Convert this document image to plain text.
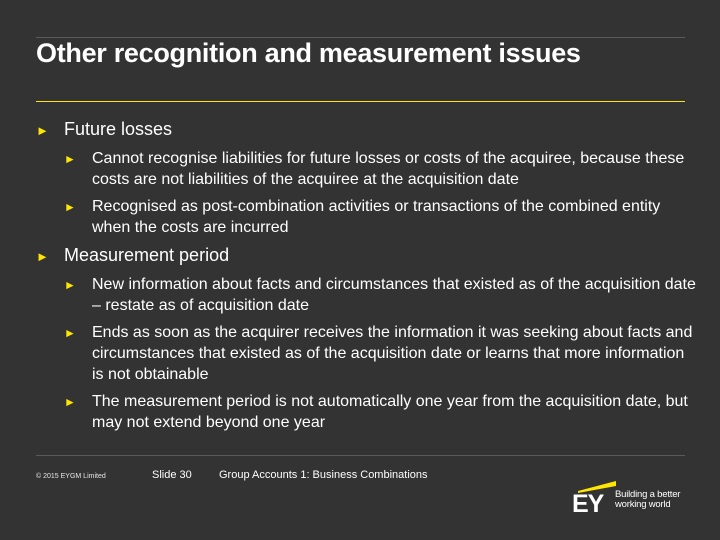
Other recognition and measurement issues
► Future losses
► Cannot recognise liabilities for future losses or costs of the acquiree, because these costs are not liabilities of the acquiree at the acquisition date
► Recognised as post-combination activities or transactions of the combined entity when the costs are incurred
► Measurement period
► New information about facts and circumstances that existed as of the acquisition date – restate as of acquisition date
► Ends as soon as the acquirer receives the information it was seeking about facts and circumstances that existed as of the acquisition date or learns that more information is not obtainable
► The measurement period is not automatically one year from the acquisition date, but may not extend beyond one year
© 2015 EYGM Limited	Slide 30 Group Accounts 1: Business Combinations
EY Building a better
working world
